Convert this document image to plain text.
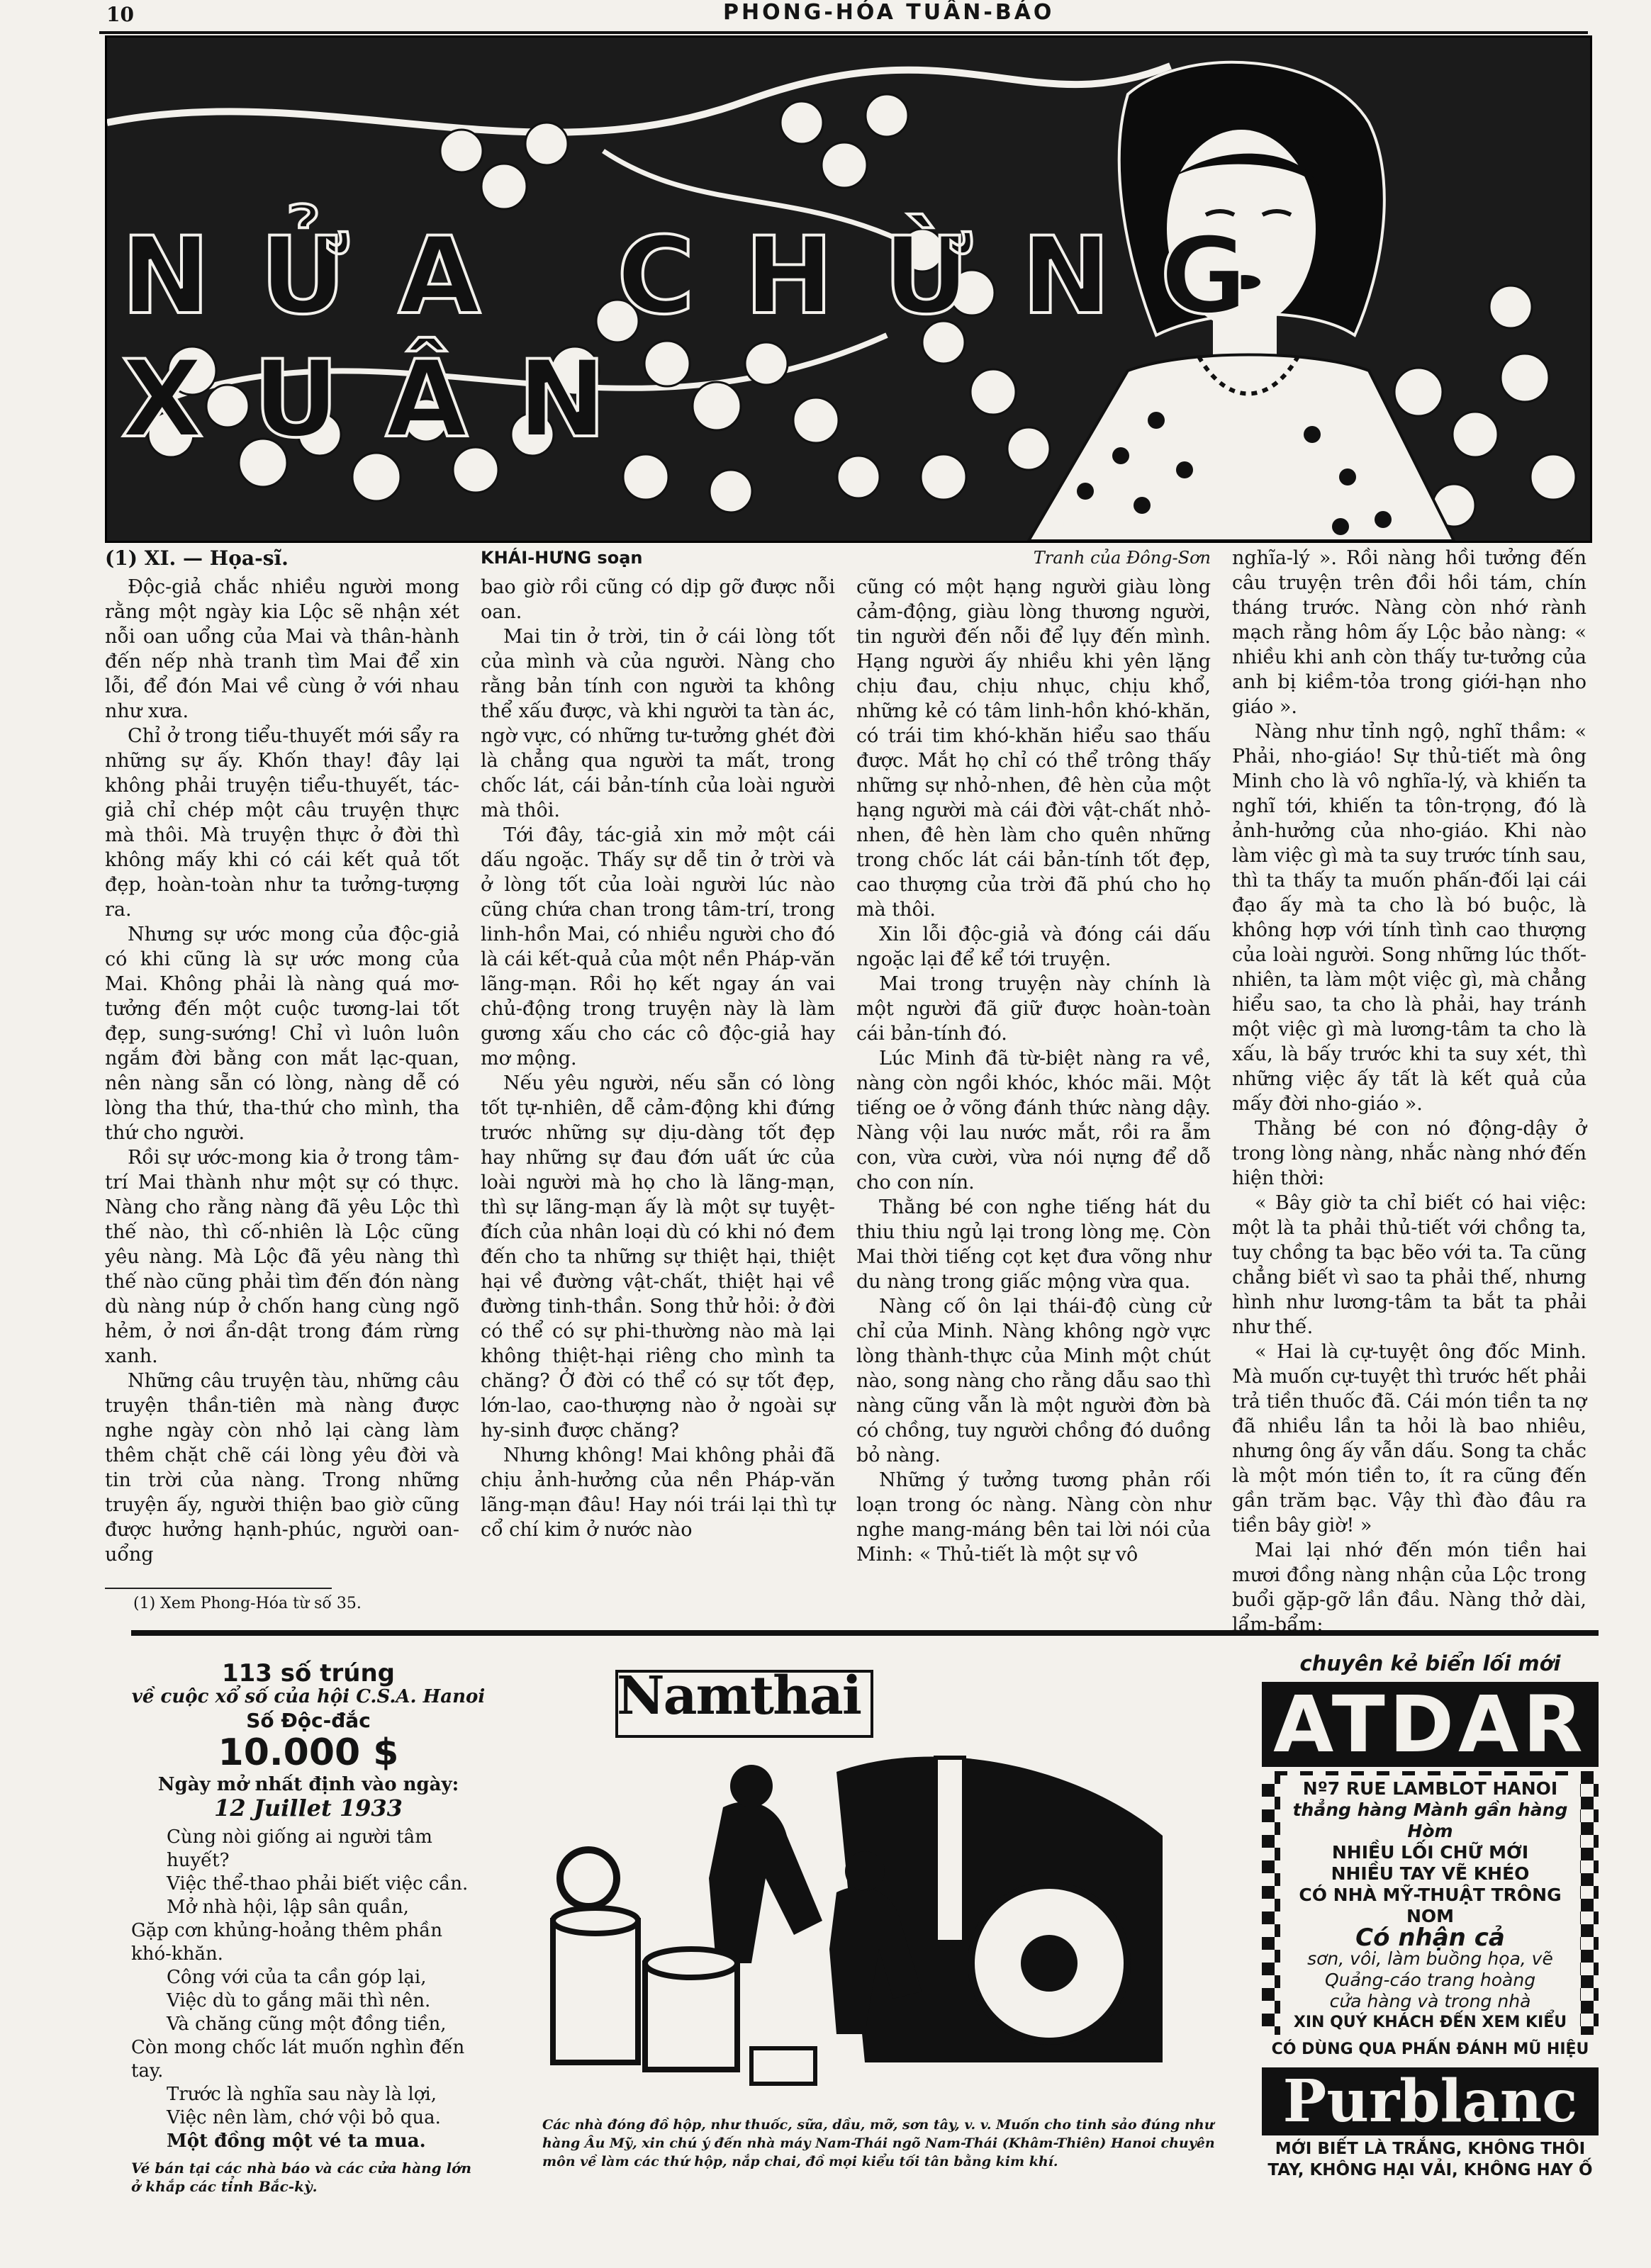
10	PHONG-HÓA TUẦN-BÁO
NỬA CHỪNG XUÂN
ĐS
(1) XI. — Họa-sĩ.

Độc-giả chắc nhiều người mong rằng một ngày kia Lộc sẽ nhận xét nỗi oan uổng của Mai và thân-hành đến nếp nhà tranh tìm Mai để xin lỗi, để đón Mai về cùng ở với nhau như xưa.

Chỉ ở trong tiểu-thuyết mới sẩy ra những sự ấy. Khốn thay! đây lại không phải truyện tiểu-thuyết, tác-giả chỉ chép một câu truyện thực mà thôi. Mà truyện thực ở đời thì không mấy khi có cái kết quả tốt đẹp, hoàn-toàn như ta tưởng-tượng ra.

Nhưng sự ước mong của độc-giả có khi cũng là sự ước mong của Mai. Không phải là nàng quá mơ-tưởng đến một cuộc tương-lai tốt đẹp, sung-sướng! Chỉ vì luôn luôn ngắm đời bằng con mắt lạc-quan, nên nàng sẵn có lòng, nàng dễ có lòng tha thứ, tha-thứ cho mình, tha thứ cho người.

Rồi sự ước-mong kia ở trong tâm-trí Mai thành như một sự có thực. Nàng cho rằng nàng đã yêu Lộc thì thế nào, thì cố-nhiên là Lộc cũng yêu nàng. Mà Lộc đã yêu nàng thì thế nào cũng phải tìm đến đón nàng dù nàng núp ở chốn hang cùng ngõ hẻm, ở nơi ẩn-dật trong đám rừng xanh.

Những câu truyện tàu, những câu truyện thần-tiên mà nàng được nghe ngày còn nhỏ lại càng làm thêm chặt chẽ cái lòng yêu đời và tin trời của nàng. Trong những truyện ấy, người thiện bao giờ cũng được hưởng hạnh-phúc, người oan-uổng

KHÁI-HƯNG soạn

bao giờ rồi cũng có dịp gỡ được nỗi oan.

Mai tin ở trời, tin ở cái lòng tốt của mình và của người. Nàng cho rằng bản tính con người ta không thể xấu được, và khi người ta tàn ác, ngờ vực, có những tư-tưởng ghét đời là chẳng qua người ta mất, trong chốc lát, cái bản-tính của loài người mà thôi.

Tới đây, tác-giả xin mở một cái dấu ngoặc. Thấy sự dễ tin ở trời và ở lòng tốt của loài người lúc nào cũng chứa chan trong tâm-trí, trong linh-hồn Mai, có nhiều người cho đó là cái kết-quả của một nền Pháp-văn lãng-mạn. Rồi họ kết ngay án vai chủ-động trong truyện này là làm gương xấu cho các cô độc-giả hay mơ mộng.

Nếu yêu người, nếu sẵn có lòng tốt tự-nhiên, dễ cảm-động khi đứng trước những sự dịu-dàng tốt đẹp hay những sự đau đớn uất ức của loài người mà họ cho là lãng-mạn, thì sự lãng-mạn ấy là một sự tuyệt-đích của nhân loại dù có khi nó đem đến cho ta những sự thiệt hại, thiệt hại về đường vật-chất, thiệt hại về đường tinh-thần. Song thử hỏi: ở đời có thể có sự phi-thường nào mà lại không thiệt-hại riêng cho mình ta chăng? Ở đời có thể có sự tốt đẹp, lớn-lao, cao-thượng nào ở ngoài sự hy-sinh được chăng?

Nhưng không! Mai không phải đã chịu ảnh-hưởng của nền Pháp-văn lãng-mạn đâu! Hay nói trái lại thì tự cổ chí kim ở nước nào

Tranh của Đông-Sơn

cũng có một hạng người giàu lòng cảm-động, giàu lòng thương người, tin người đến nỗi để lụy đến mình. Hạng người ấy nhiều khi yên lặng chịu đau, chịu nhục, chịu khổ, những kẻ có tâm linh-hồn khó-khăn, có trái tim khó-khăn hiểu sao thấu được. Mắt họ chỉ có thể trông thấy những sự nhỏ-nhen, đê hèn của một hạng người mà cái đời vật-chất nhỏ-nhen, đê hèn làm cho quên những trong chốc lát cái bản-tính tốt đẹp, cao thượng của trời đã phú cho họ mà thôi.

Xin lỗi độc-giả và đóng cái dấu ngoặc lại để kể tới truyện.

Mai trong truyện này chính là một người đã giữ được hoàn-toàn cái bản-tính đó.

Lúc Minh đã từ-biệt nàng ra về, nàng còn ngồi khóc, khóc mãi. Một tiếng oe ở võng đánh thức nàng dậy. Nàng vội lau nước mắt, rồi ra ẵm con, vừa cười, vừa nói nựng để dỗ cho con nín.

Thằng bé con nghe tiếng hát du thiu thiu ngủ lại trong lòng mẹ. Còn Mai thời tiếng cọt kẹt đưa võng như du nàng trong giấc mộng vừa qua.

Nàng cố ôn lại thái-độ cùng cử chỉ của Minh. Nàng không ngờ vực lòng thành-thực của Minh một chút nào, song nàng cho rằng dẫu sao thì nàng cũng vẫn là một người đờn bà có chồng, tuy người chồng đó duồng bỏ nàng.

Những ý tưởng tương phản rối loạn trong óc nàng. Nàng còn như nghe mang-máng bên tai lời nói của Minh: « Thủ-tiết là một sự vô

nghĩa-lý ». Rồi nàng hồi tưởng đến câu truyện trên đồi hồi tám, chín tháng trước. Nàng còn nhớ rành mạch rằng hôm ấy Lộc bảo nàng: « nhiều khi anh còn thấy tư-tưởng của anh bị kiềm-tỏa trong giới-hạn nho giáo ».

Nàng như tỉnh ngộ, nghĩ thầm: « Phải, nho-giáo! Sự thủ-tiết mà ông Minh cho là vô nghĩa-lý, và khiến ta nghĩ tới, khiến ta tôn-trọng, đó là ảnh-hưởng của nho-giáo. Khi nào làm việc gì mà ta suy trước tính sau, thì ta thấy ta muốn phấn-đối lại cái đạo ấy mà ta cho là bó buộc, là không hợp với tính tình cao thượng của loài người. Song những lúc thốt-nhiên, ta làm một việc gì, mà chẳng hiểu sao, ta cho là phải, hay tránh một việc gì mà lương-tâm ta cho là xấu, là bấy trước khi ta suy xét, thì những việc ấy tất là kết quả của mấy đời nho-giáo ».

Thằng bé con nó động-dậy ở trong lòng nàng, nhắc nàng nhớ đến hiện thời:

« Bây giờ ta chỉ biết có hai việc: một là ta phải thủ-tiết với chồng ta, tuy chồng ta bạc bẽo với ta. Ta cũng chẳng biết vì sao ta phải thế, nhưng hình như lương-tâm ta bắt ta phải như thế.

« Hai là cự-tuyệt ông đốc Minh. Mà muốn cự-tuyệt thì trước hết phải trả tiền thuốc đã. Cái món tiền ta nợ đã nhiều lần ta hỏi là bao nhiêu, nhưng ông ấy vẫn dấu. Song ta chắc là một món tiền to, ít ra cũng đến gần trăm bạc. Vậy thì đào đâu ra tiền bây giờ! »

Mai lại nhớ đến món tiền hai mươi đồng nàng nhận của Lộc trong buổi gặp-gỡ lần đầu. Nàng thở dài, lẩm-bẩm:

(1) Xem Phong-Hóa từ số 35.
113 số trúng
về cuộc xổ số của hội C.S.A. Hanoi
Số Độc-đắc
10.000 $
Ngày mở nhất định vào ngày:
12 Juillet 1933
Cùng nòi giống ai người tâm huyết?
Việc thể-thao phải biết việc cần.
Mở nhà hội, lập sân quần,
Gặp cơn khủng-hoảng thêm phần khó-khăn.
Công với của ta cần góp lại,
Việc dù to gắng mãi thì nên.
Và chăng cũng một đồng tiền,
Còn mong chốc lát muốn nghìn đến tay.
Trước là nghĩa sau này là lợi,
Việc nên làm, chớ vội bỏ qua.
Một đồng một vé ta mua.
Vé bán tại các nhà báo và các cửa hàng lớn ở khắp các tỉnh Bắc-kỳ.
Namthai
Các nhà đóng đồ hộp, như thuốc, sữa, dầu, mỡ, sơn tây, v. v. Muốn cho tinh sảo đúng như hàng Âu Mỹ, xin chú ý đến nhà máy Nam-Thái ngõ Nam-Thái (Khâm-Thiên) Hanoi chuyên môn về làm các thứ hộp, nắp chai, đồ mọi kiểu tối tân bằng kim khí.
chuyên kẻ biển lối mới
ATDAR
Nº7 RUE LAMBLOT HANOI
thẳng hàng Mành gần hàng Hòm
NHIỀU LỐI CHỮ MỚI
NHIỀU TAY VẼ KHÉO
CÓ NHÀ MỸ-THUẬT TRÔNG NOM
Có nhận cả
sơn, vôi, làm buồng họa, vẽ
Quảng-cáo trang hoàng
cửa hàng và trong nhà
XIN QUÝ KHÁCH ĐẾN XEM KIỂU
CÓ DÙNG QUA PHẤN ĐÁNH MŨ HIỆU
Purblanc
MỚI BIẾT LÀ TRẮNG, KHÔNG THÔI
TAY, KHÔNG HẠI VẢI, KHÔNG HAY Ố
